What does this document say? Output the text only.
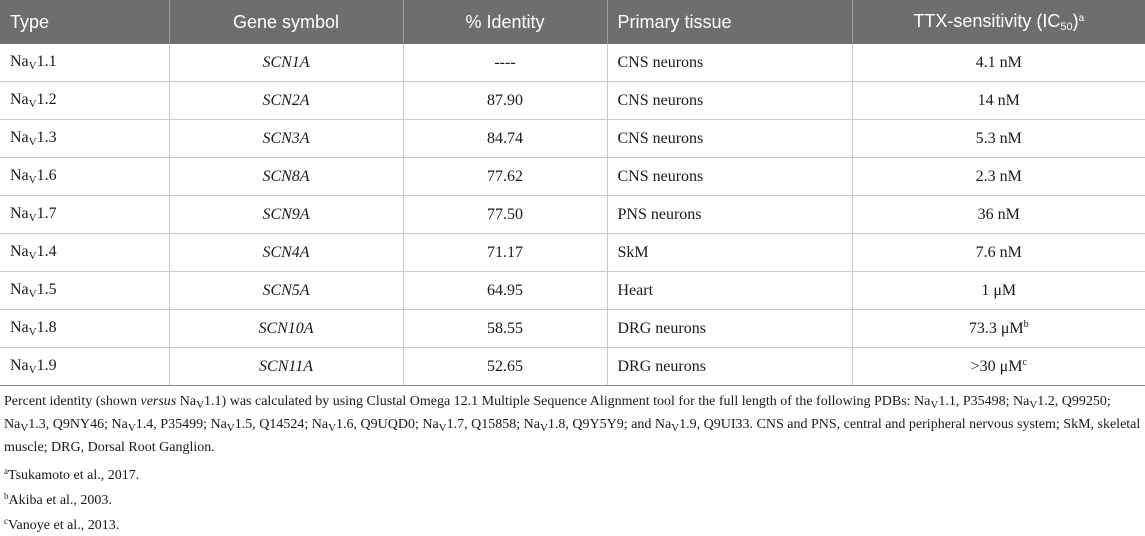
Type	Gene symbol	% Identity	Primary tissue	TTX-sensitivity $(IC_{50})^a$
$Na_V1.1$	SCN1A	----	CNS neurons	4.1 nM
$Na_V1.2$	SCN2A	87.90	CNS neurons	14 nM
$Na_V1.3$	SCN3A	84.74	CNS neurons	5.3 nM
$Na_V1.6$	SCN8A	77.62	CNS neurons	2.3 nM
$Na_V1.7$	SCN9A	77.50	PNS neurons	36 nM
$Na_V1.4$	SCN4A	71.17	SkM	7.6 nM
$Na_V1.5$	SCN5A	64.95	Heart	1 μM
$Na_V1.8$	SCN10A	58.55	DRG neurons	73.3 $\mu M^b$
$Na_V1.9$	SCN11A	52.65	DRG neurons	>30 $\mu M^c$

Percent identity (shown versus $Na_V1.1$) was calculated by using Clustal Omega 12.1 Multiple Sequence Alignment tool for the full length of the following PDBs: $Na_V1.1$, P35498; $Na_V1.2$, Q99250; $Na_V1.3$, Q9NY46; $Na_V1.4$, P35499; $Na_V1.5$, Q14524; $Na_V1.6$, Q9UQD0; $Na_V1.7$, Q15858; $Na_V1.8$, Q9Y5Y9; and $Na_V1.9$, Q9UI33. CNS and PNS, central and peripheral nervous system; SkM, skeletal muscle; DRG, Dorsal Root Ganglion.

$^a$Tsukamoto et al., 2017.

$^b$Akiba et al., 2003.

$^c$Vanoye et al., 2013.
